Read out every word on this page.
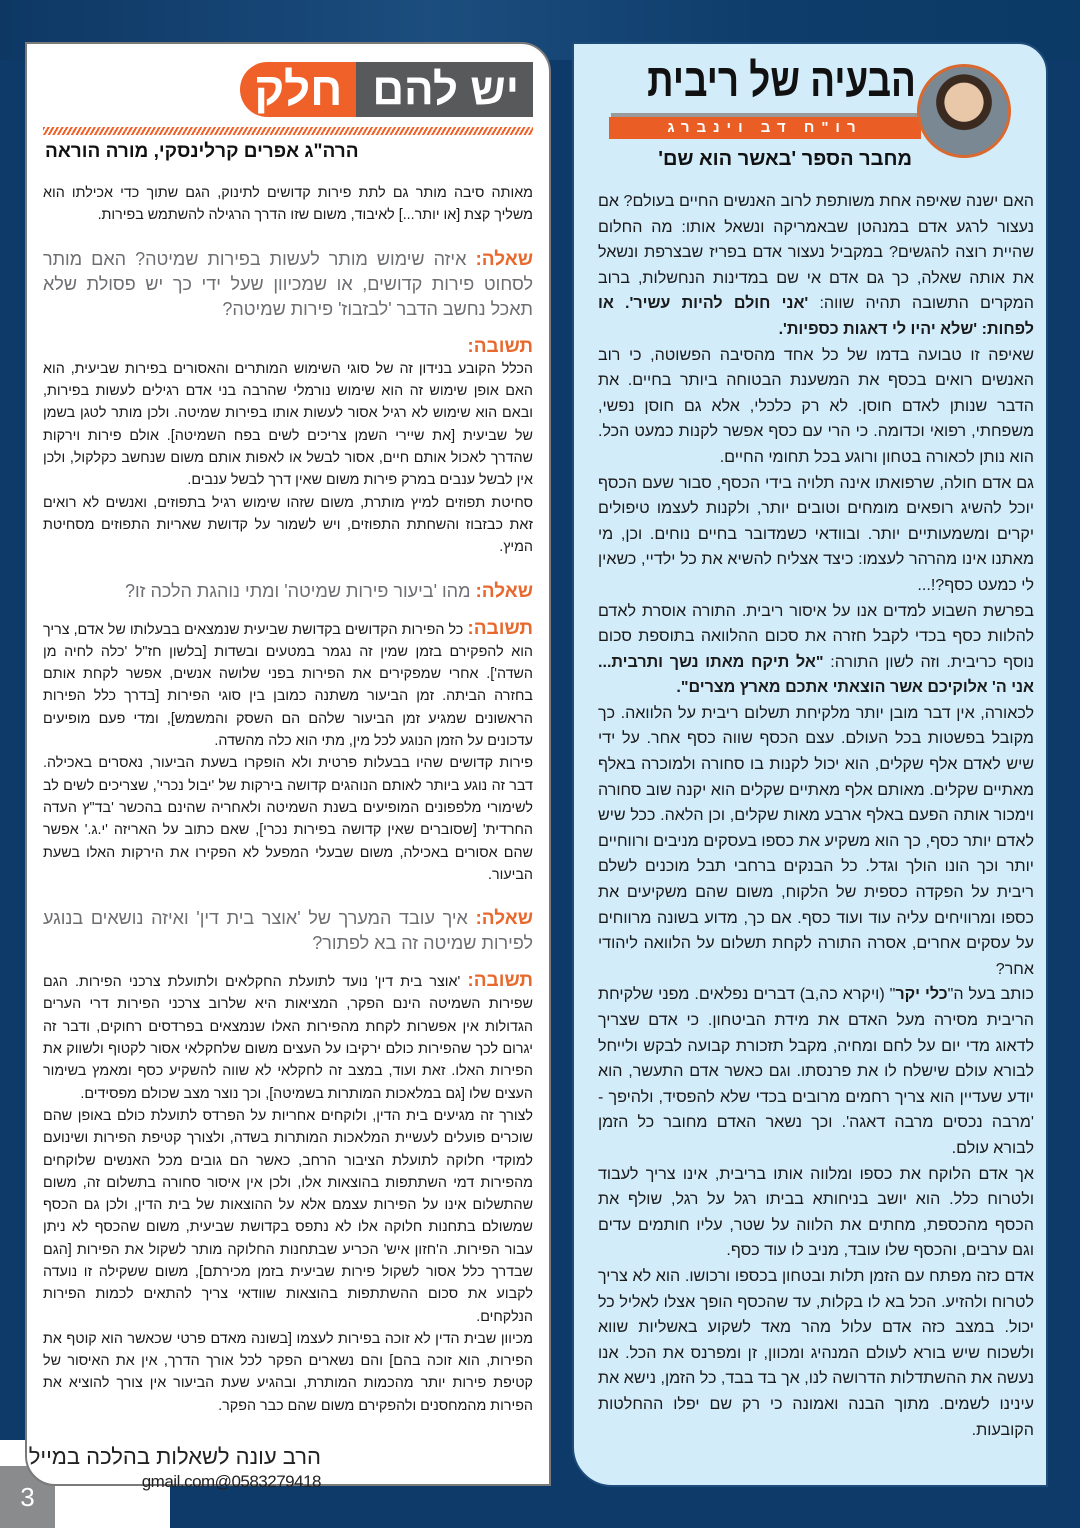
3
יש להם
חלק
הרה"ג אפרים קרלינסקי, מורה הוראה

מאותה סיבה מותר גם לתת פירות קדושים לתינוק, הגם שתוך כדי אכילתו הוא משליך קצת [או יותר...] לאיבוד, משום שזו הדרך הרגילה להשתמש בפירות.

שאלה: איזה שימוש מותר לעשות בפירות שמיטה? האם מותר לסחוט פירות קדושים, או שמכיוון שעל ידי כך יש פסולת שלא תאכל נחשב הדבר 'לבזבוז' פירות שמיטה?
תשובה:

הכלל הקובע בנידון זה של סוגי השימוש המותרים והאסורים בפירות שביעית, הוא האם אופן שימוש זה הוא שימוש נורמלי שהרבה בני אדם רגילים לעשות בפירות, ובאם הוא שימוש לא רגיל אסור לעשות אותו בפירות שמיטה. ולכן מותר לטגן בשמן של שביעית [את שיירי השמן צריכים לשים בפח השמיטה]. אולם פירות וירקות שהדרך לאכול אותם חיים, אסור לבשל או לאפות אותם משום שנחשב כקלקול, ולכן אין לבשל ענבים במרק פירות משום שאין דרך לבשל ענבים.

סחיטת תפוזים למיץ מותרת, משום שזהו שימוש רגיל בתפוזים, ואנשים לא רואים זאת כבזבוז והשחתת התפוזים, ויש לשמור על קדושת שאריות התפוזים מסחיטת המיץ.

שאלה: מהו 'ביעור פירות שמיטה' ומתי נוהגת הלכה זו?

תשובה: כל הפירות הקדושים בקדושת שביעית שנמצאים בבעלותו של אדם, צריך הוא להפקירם בזמן שמין זה נגמר במטעים ובשדות [בלשון חז"ל 'כלה לחיה מן השדה']. אחרי שמפקירים את הפירות בפני שלושה אנשים, אפשר לקחת אותם בחזרה הביתה. זמן הביעור משתנה כמובן בין סוגי הפירות [בדרך כלל הפירות הראשונים שמגיע זמן הביעור שלהם הם השסק והמשמש], ומדי פעם מופיעים עדכונים על הזמן הנוגע לכל מין, מתי הוא כלה מהשדה.

פירות קדושים שהיו בבעלות פרטית ולא הופקרו בשעת הביעור, נאסרים באכילה. דבר זה נוגע ביותר לאותם הנוהגים קדושה בירקות של 'יבול נכרי', שצריכים לשים לב לשימורי מלפפונים המופיעים בשנת השמיטה ולאחריה שהינם בהכשר 'בד"ץ העדה החרדית' [שסוברים שאין קדושה בפירות נכרי], שאם כתוב על האריזה 'י.ג.' אפשר שהם אסורים באכילה, משום שבעלי המפעל לא הפקירו את הירקות האלו בשעת הביעור.

שאלה: איך עובד המערך של 'אוצר בית דין' ואיזה נושאים בנוגע לפירות שמיטה זה בא לפתור?

תשובה: 'אוצר בית דין' נועד לתועלת החקלאים ולתועלת צרכני הפירות. הגם שפירות השמיטה הינם הפקר, המציאות היא שלרוב צרכני הפירות דרי הערים הגדולות אין אפשרות לקחת מהפירות האלו שנמצאים בפרדסים רחוקים, ודבר זה יגרום לכך שהפירות כולם ירקיבו על העצים משום שלחקלאי אסור לקטוף ולשווק את הפירות האלו. זאת ועוד, במצב זה לחקלאי לא שווה להשקיע כסף ומאמץ בשימור העצים שלו [גם במלאכות המותרות בשמיטה], וכך נוצר מצב שכולם מפסידים.

לצורך זה מגיעים בית הדין, ולוקחים אחריות על הפרדס לתועלת כולם באופן שהם שוכרים פועלים לעשיית המלאכות המותרות בשדה, ולצורך קטיפת הפירות ושינועם למוקדי חלוקה לתועלת הציבור הרחב, כאשר הם גובים מכל האנשים שלוקחים מהפירות דמי השתתפות בהוצאות אלו, ולכן אין איסור סחורה בתשלום זה, משום שהתשלום אינו על הפירות עצמם אלא על ההוצאות של בית הדין, ולכן גם הכסף שמשולם בתחנות חלוקה אלו לא נתפס בקדושת שביעית, משום שהכסף לא ניתן עבור הפירות. ה'חזון איש' הכריע שבתחנות החלוקה מותר לשקול את הפירות [הגם שבדרך כלל אסור לשקול פירות שביעית בזמן מכירתם], משום ששקילה זו נועדה לקבוע את סכום ההשתתפות בהוצאות שוודאי צריך להתאים לכמות הפירות הנלקחים.

מכיוון שבית הדין לא זוכה בפירות לעצמו [בשונה מאדם פרטי שכאשר הוא קוטף את הפירות, הוא זוכה בהם] והם נשארים הפקר לכל אורך הדרך, אין את האיסור של קטיפת פירות יותר מהכמות המותרת, ובהגיע שעת הביעור אין צורך להוציא את הפירות מהמחסנים ולהפקירם משום שהם כבר הפקר.

הרב עונה לשאלות בהלכה במייל
gmail.com@0583279418
רו"ח דב וינברג
הבעיה של ריבית
מחבר הספר 'באשר הוא שם'

האם ישנה שאיפה אחת משותפת לרוב האנשים החיים בעולם? אם נעצור לרגע אדם במנהטן שבאמריקה ונשאל אותו: מה החלום שהיית רוצה להגשים? במקביל נעצור אדם בפריז שבצרפת ונשאל את אותה שאלה, כך גם אדם אי שם במדינות הנחשלות, ברוב המקרים התשובה תהיה שווה: 'אני חולם להיות עשיר'. או לפחות: 'שלא יהיו לי דאגות כספיות'.

שאיפה זו טבועה בדמו של כל אחד מהסיבה הפשוטה, כי רוב האנשים רואים בכסף את המשענת הבטוחה ביותר בחיים. את הדבר שנותן לאדם חוסן. לא רק כלכלי, אלא גם חוסן נפשי, משפחתי, רפואי וכדומה. כי הרי עם כסף אפשר לקנות כמעט הכל. הוא נותן לכאורה בטחון ורוגע בכל תחומי החיים.

גם אדם חולה, שרפואתו אינה תלויה בידי הכסף, סבור שעם הכסף יוכל להשיג רופאים מומחים וטובים יותר, ולקנות לעצמו טיפולים יקרים ומשמעותיים יותר. ובוודאי כשמדובר בחיים נוחים. וכן, מי מאתנו אינו מהרהר לעצמו: כיצד אצליח להשיא את כל ילדיי, כשאין לי כמעט כסף?!...

בפרשת השבוע למדים אנו על איסור ריבית. התורה אוסרת לאדם להלוות כסף בכדי לקבל חזרה את סכום ההלוואה בתוספת סכום נוסף כריבית. וזה לשון התורה: "אל תיקח מאתו נשך ותרבית... אני ה' אלוקיכם אשר הוצאתי אתכם מארץ מצרים".

לכאורה, אין דבר מובן יותר מלקיחת תשלום ריבית על הלוואה. כך מקובל בפשטות בכל העולם. עצם הכסף שווה כסף אחר. על ידי שיש לאדם אלף שקלים, הוא יכול לקנות בו סחורה ולמוכרה באלף מאתיים שקלים. מאותם אלף מאתיים שקלים הוא יקנה שוב סחורה וימכור אותה הפעם באלף ארבע מאות שקלים, וכן הלאה. ככל שיש לאדם יותר כסף, כך הוא משקיע את כספו בעסקים מניבים ורווחיים יותר וכך הונו הולך וגדל. כל הבנקים ברחבי תבל מוכנים לשלם ריבית על הפקדה כספית של הלקוח, משום שהם משקיעים את כספו ומרוויחים עליה עוד ועוד כסף. אם כך, מדוע בשונה מרווחים על עסקים אחרים, אסרה התורה לקחת תשלום על הלוואה ליהודי אחר?

כותב בעל ה"כלי יקר" (ויקרא כה,ב) דברים נפלאים. מפני שלקיחת הריבית מסירה מעל האדם את מידת הביטחון. כי אדם שצריך לדאוג מדי יום על לחם ומחיה, מקבל תזכורת קבועה לבקש ולייחל לבורא עולם שישלח לו את פרנסתו. וגם כאשר אדם התעשר, הוא יודע שעדיין הוא צריך רחמים מרובים בכדי שלא להפסיד, ולהיפך - 'מרבה נכסים מרבה דאגה'. וכך נשאר האדם מחובר כל הזמן לבורא עולם.

אך אדם הלוקח את כספו ומלווה אותו בריבית, אינו צריך לעבוד ולטרוח כלל. הוא יושב בניחותא בביתו רגל על רגל, שולף את הכסף מהכספת, מחתים את הלווה על שטר, עליו חותמים עדים וגם ערבים, והכסף שלו עובד, מניב לו עוד כסף.

אדם כזה מפתח עם הזמן תלות ובטחון בכספו ורכושו. הוא לא צריך לטרוח ולהזיע. הכל בא לו בקלות, עד שהכסף הופך אצלו לאליל כל יכול. במצב כזה אדם עלול מהר מאד לשקוע באשליות שווא ולשכוח שיש בורא לעולם המנהיג ומכוון, זן ומפרנס את הכל. אנו נעשה את ההשתדלות הדרושה לנו, אך בד בבד, כל הזמן, נישא את עינינו לשמים. מתוך הבנה ואמונה כי רק שם יפלו ההחלטות הקובעות.
